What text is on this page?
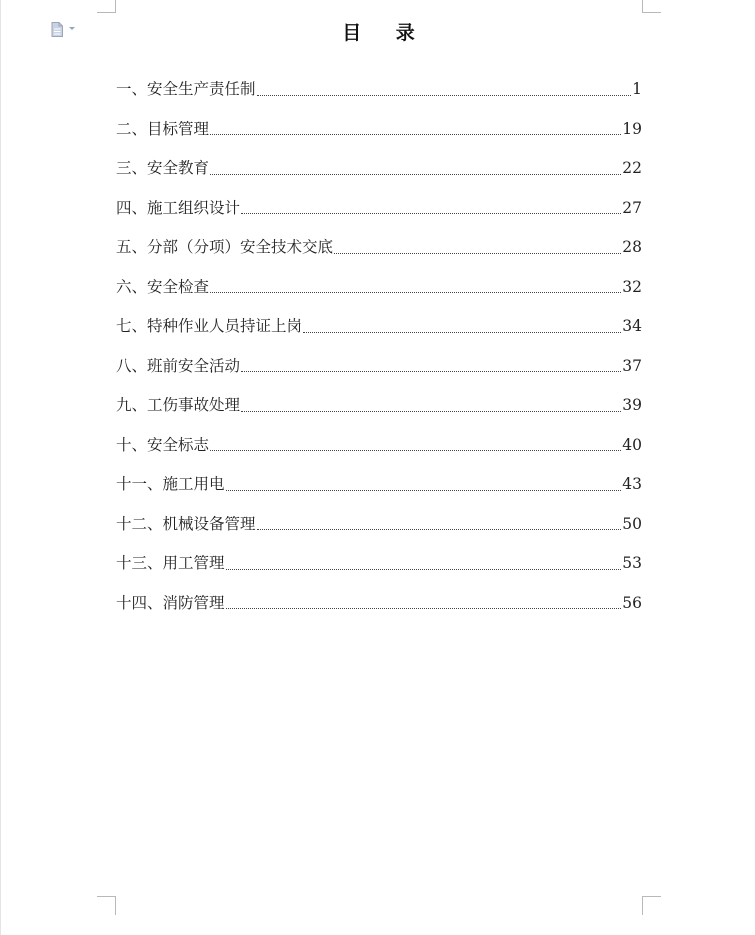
目 录
一、安全生产责任制	1
二、目标管理	19
三、安全教育	22
四、施工组织设计	27
五、分部（分项）安全技术交底	28
六、安全检查	32
七、特种作业人员持证上岗	34
八、班前安全活动	37
九、工伤事故处理	39
十、安全标志	40
十一、施工用电	43
十二、机械设备管理	50
十三、用工管理	53
十四、消防管理	56
